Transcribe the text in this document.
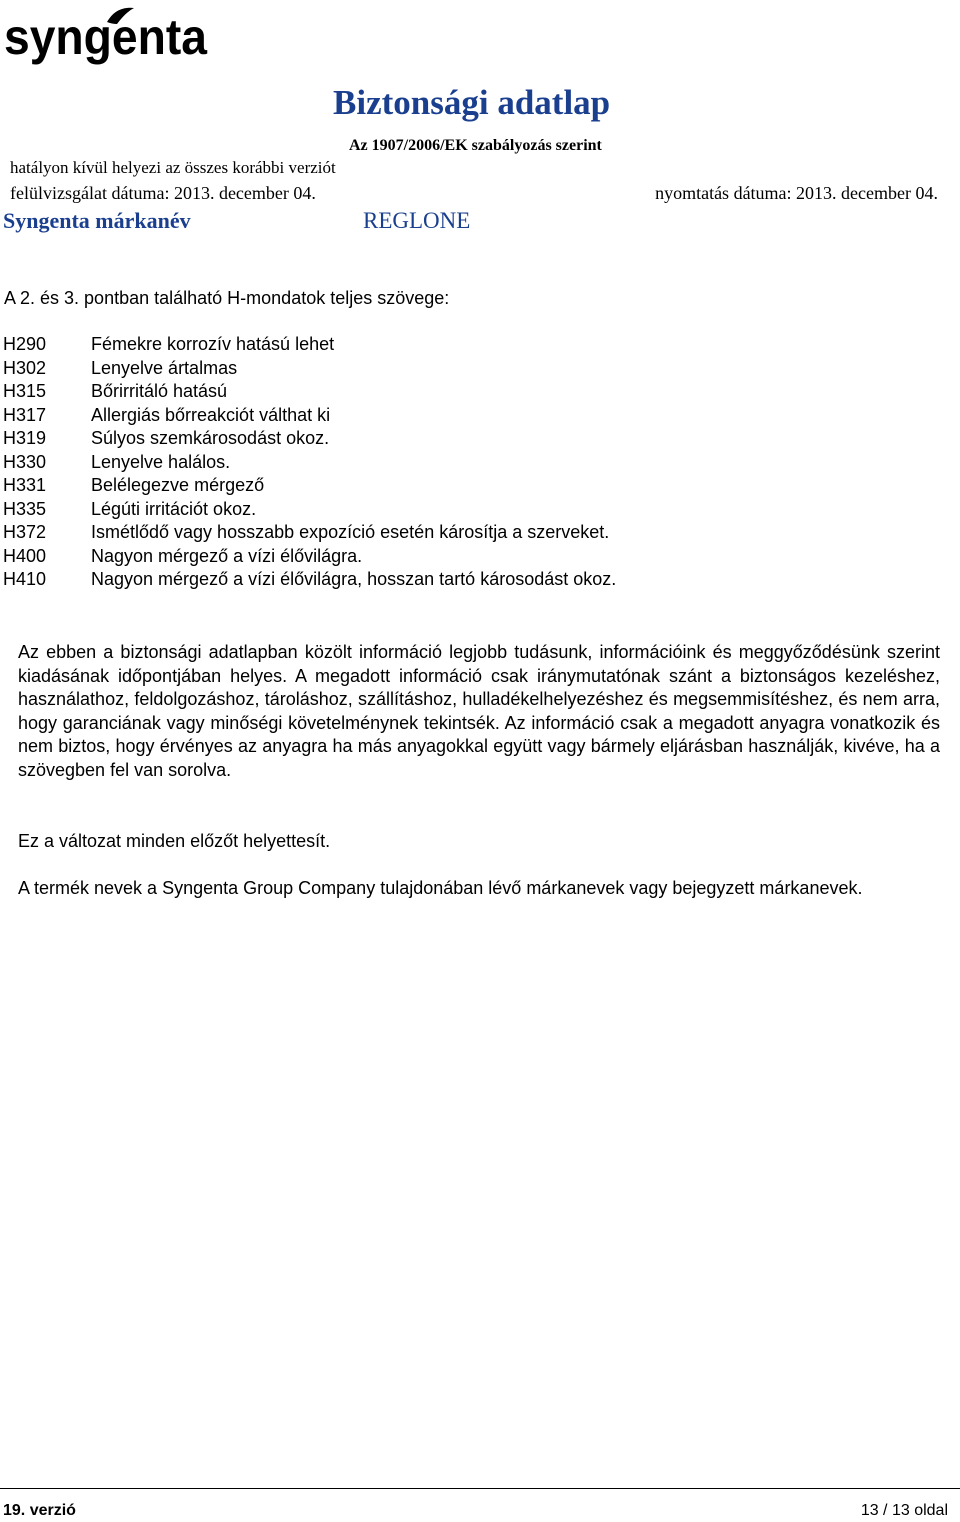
syngenta
Biztonsági adatlap
Az 1907/2006/EK szabályozás szerint
hatályon kívül helyezi az összes korábbi verziót
felülvizsgálat dátuma: 2013. december 04.	nyomtatás dátuma: 2013. december 04.
Syngenta márkanév	REGLONE
A 2. és 3. pontban található H-mondatok teljes szövege:
H290 Fémekre korrozív hatású lehet
H302 Lenyelve ártalmas
H315 Bőrirritáló hatású
H317 Allergiás bőrreakciót válthat ki
H319 Súlyos szemkárosodást okoz.
H330 Lenyelve halálos.
H331 Belélegezve mérgező
H335 Légúti irritációt okoz.
H372 Ismétlődő vagy hosszabb expozíció esetén károsítja a szerveket.
H400 Nagyon mérgező a vízi élővilágra.
H410 Nagyon mérgező a vízi élővilágra, hosszan tartó károsodást okoz.

Az ebben a biztonsági adatlapban közölt információ legjobb tudásunk, információink és meggyőződésünk szerint kiadásának időpontjában helyes. A megadott információ csak iránymutatónak szánt a biztonságos kezeléshez, használathoz, feldolgozáshoz, tároláshoz, szállításhoz, hulladékelhelyezéshez és megsemmisítéshez, és nem arra, hogy garanciának vagy minőségi követelménynek tekintsék. Az információ csak a megadott anyagra vonatkozik és nem biztos, hogy érvényes az anyagra ha más anyagokkal együtt vagy bármely eljárásban használják, kivéve, ha a szövegben fel van sorolva.

Ez a változat minden előzőt helyettesít.

A termék nevek a Syngenta Group Company tulajdonában lévő márkanevek vagy bejegyzett márkanevek.

19. verzió	13 / 13 oldal
